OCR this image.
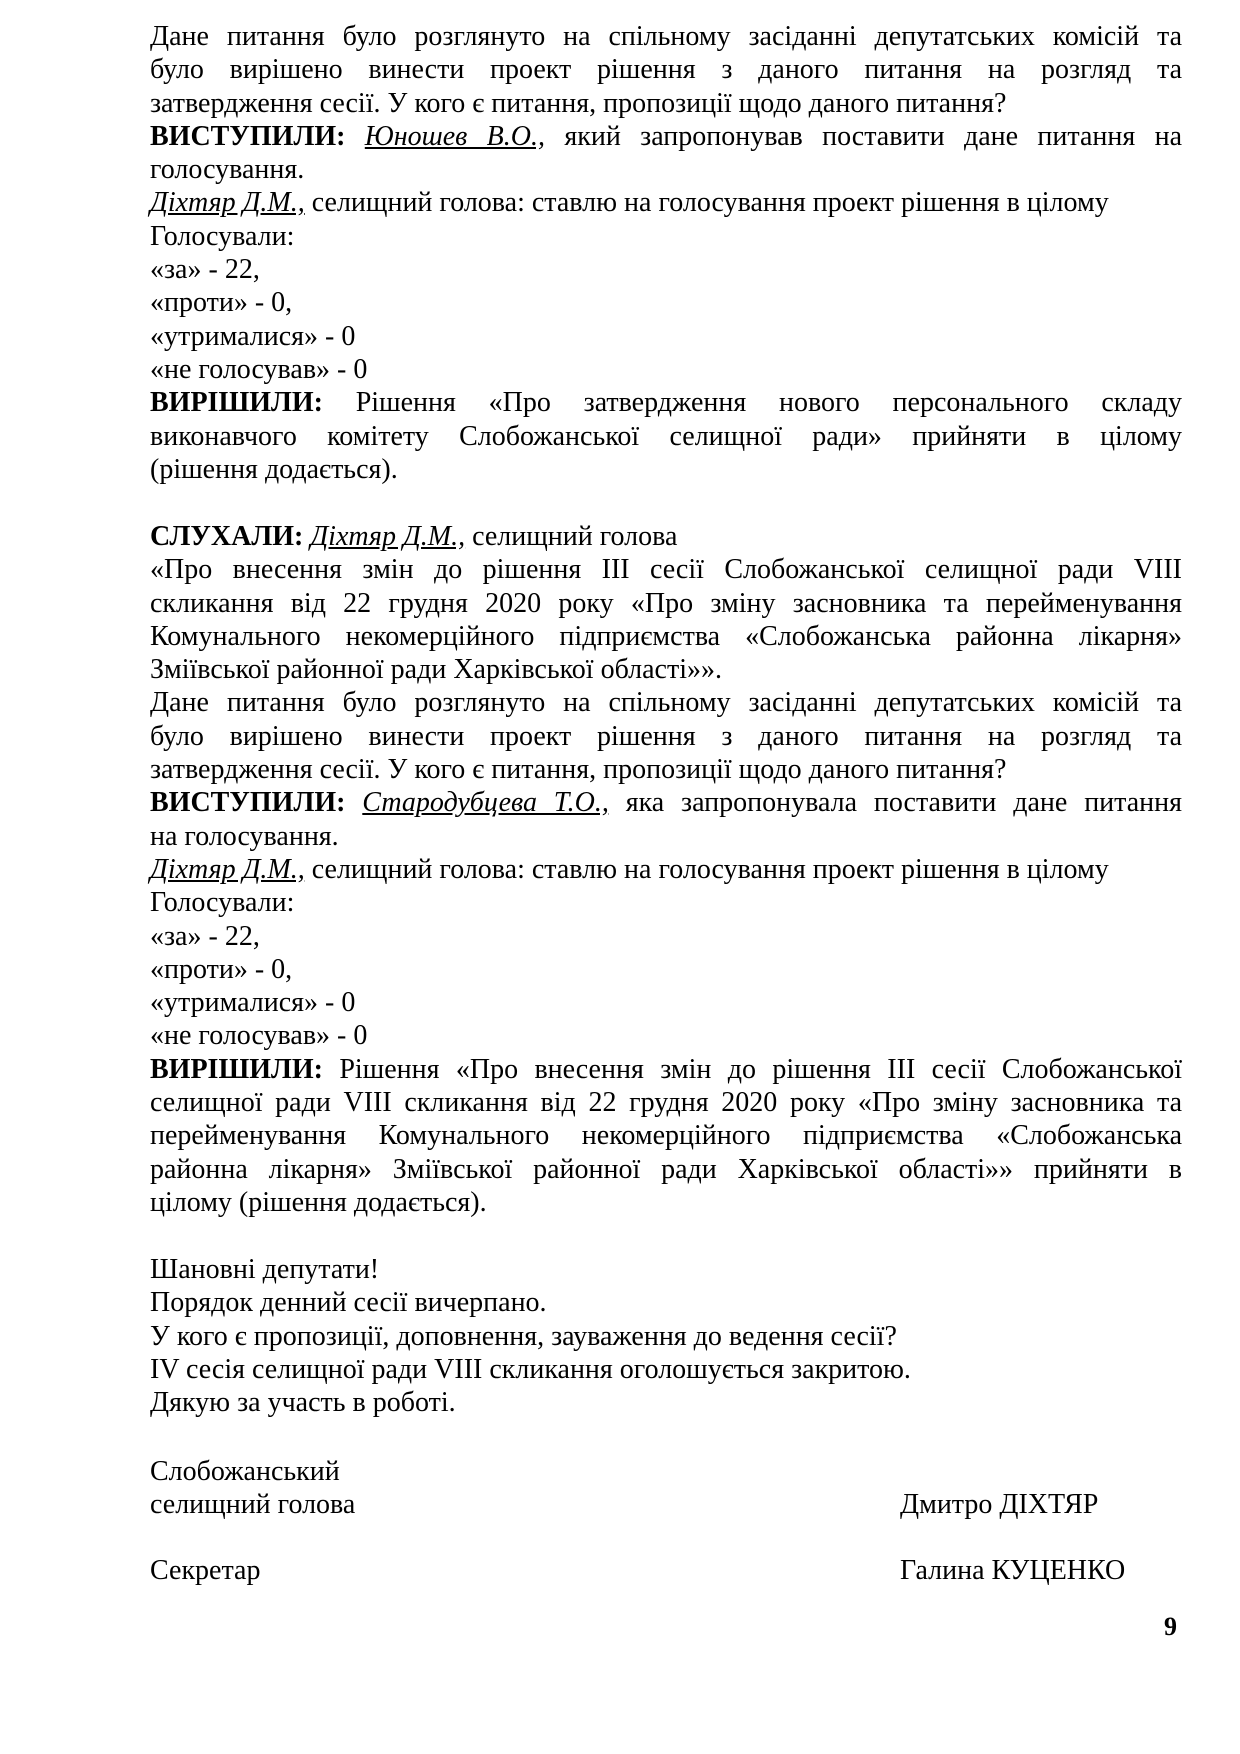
Дане питання було розглянуто на спільному засіданні депутатських комісій та
було вирішено винести проект рішення з даного питання на розгляд та
затвердження сесії. У кого є питання, пропозиції щодо даного питання?
ВИСТУПИЛИ: Юношев В.О., який запропонував поставити дане питання на
голосування.
Діхтяр Д.М., селищний голова: ставлю на голосування проект рішення в цілому
Голосували:
«за» - 22,
«проти» - 0,
«утрималися» - 0
«не голосував» - 0
ВИРІШИЛИ: Рішення «Про затвердження нового персонального складу
виконавчого комітету Слобожанської селищної ради» прийняти в цілому
(рішення додається).
СЛУХАЛИ: Діхтяр Д.М., селищний голова
«Про внесення змін до рішення ІІІ сесії Слобожанської селищної ради VIII
скликання від 22 грудня 2020 року «Про зміну засновника та перейменування
Комунального некомерційного підприємства «Слобожанська районна лікарня»
Зміївської районної ради Харківської області»».
Дане питання було розглянуто на спільному засіданні депутатських комісій та
було вирішено винести проект рішення з даного питання на розгляд та
затвердження сесії. У кого є питання, пропозиції щодо даного питання?
ВИСТУПИЛИ: Стародубцева Т.О., яка запропонувала поставити дане питання
на голосування.
Діхтяр Д.М., селищний голова: ставлю на голосування проект рішення в цілому
Голосували:
«за» - 22,
«проти» - 0,
«утрималися» - 0
«не голосував» - 0
ВИРІШИЛИ: Рішення «Про внесення змін до рішення ІІІ сесії Слобожанської
селищної ради VIII скликання від 22 грудня 2020 року «Про зміну засновника та
перейменування Комунального некомерційного підприємства «Слобожанська
районна лікарня» Зміївської районної ради Харківської області»» прийняти в
цілому (рішення додається).
Шановні депутати!
Порядок денний сесії вичерпано.
У кого є пропозиції, доповнення, зауваження до ведення сесії?
IV сесія селищної ради VIII скликання оголошується закритою.
Дякую за участь в роботі.
Слобожанський
селищний голова	Дмитро ДІХТЯР
Секретар	Галина КУЦЕНКО
9
